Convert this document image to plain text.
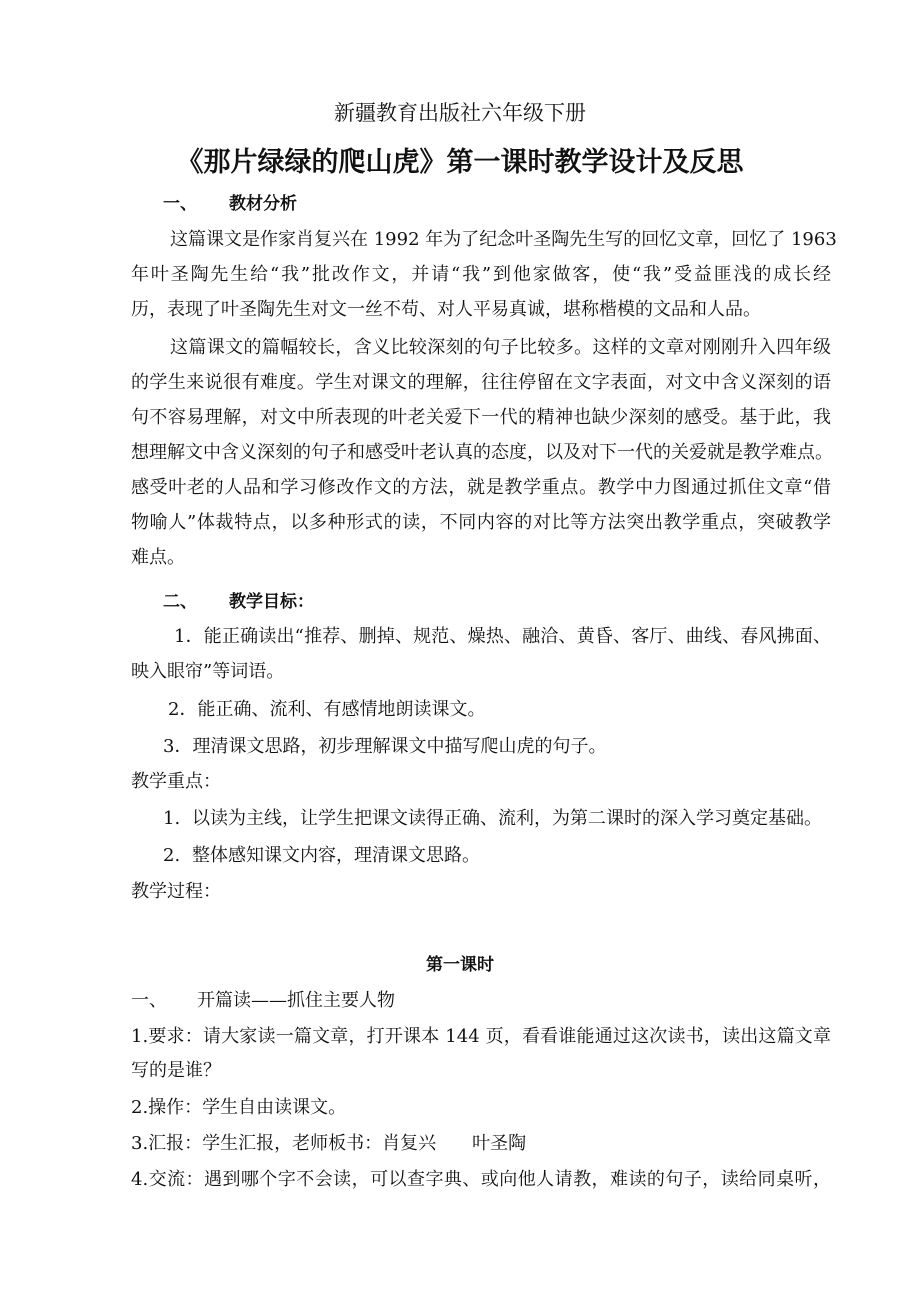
新疆教育出版社六年级下册
《那片绿绿的爬山虎》第一课时教学设计及反思
一、 教材分析
这篇课文是作家肖复兴在 1992 年为了纪念叶圣陶先生写的回忆文章，回忆了 1963
年叶圣陶先生给“我”批改作文，并请“我”到他家做客，使“我”受益匪浅的成长经
历，表现了叶圣陶先生对文一丝不苟、对人平易真诚，堪称楷模的文品和人品。
这篇课文的篇幅较长，含义比较深刻的句子比较多。这样的文章对刚刚升入四年级
的学生来说很有难度。学生对课文的理解，往往停留在文字表面，对文中含义深刻的语
句不容易理解，对文中所表现的叶老关爱下一代的精神也缺少深刻的感受。基于此，我
想理解文中含义深刻的句子和感受叶老认真的态度，以及对下一代的关爱就是教学难点。
感受叶老的人品和学习修改作文的方法，就是教学重点。教学中力图通过抓住文章“借
物喻人”体裁特点，以多种形式的读，不同内容的对比等方法突出教学重点，突破教学
难点。
二、 教学目标：
1．能正确读出“推荐、删掉、规范、燥热、融洽、黄昏、客厅、曲线、春风拂面、
映入眼帘”等词语。
2．能正确、流利、有感情地朗读课文。
3．理清课文思路，初步理解课文中描写爬山虎的句子。
教学重点：
1. 以读为主线，让学生把课文读得正确、流利，为第二课时的深入学习奠定基础。
2. 整体感知课文内容，理清课文思路。
教学过程：
第一课时
一、 开篇读——抓住主要人物
1.要求：请大家读一篇文章，打开课本 144 页，看看谁能通过这次读书，读出这篇文章
写的是谁？
2.操作：学生自由读课文。
3.汇报：学生汇报，老师板书：肖复兴　　叶圣陶
4.交流：遇到哪个字不会读，可以查字典、或向他人请教，难读的句子，读给同桌听，
